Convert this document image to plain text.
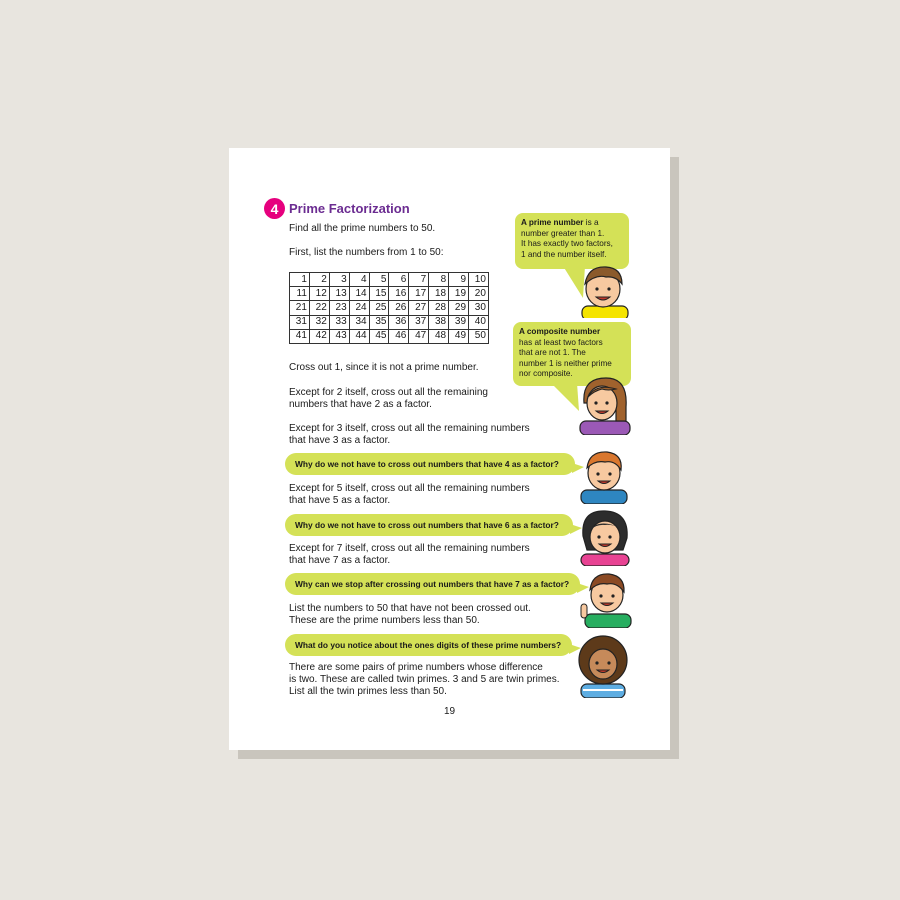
4 Prime Factorization
Find all the prime numbers to 50.
First, list the numbers from 1 to 50:
1	2	3	4	5	6	7	8	9	10
11	12	13	14	15	16	17	18	19	20
21	22	23	24	25	26	27	28	29	30
31	32	33	34	35	36	37	38	39	40
41	42	43	44	45	46	47	48	49	50
Cross out 1, since it is not a prime number.
Except for 2 itself, cross out all the remaining
numbers that have 2 as a factor.
Except for 3 itself, cross out all the remaining numbers
that have 3 as a factor.
Why do we not have to cross out numbers that have 4 as a factor?
Except for 5 itself, cross out all the remaining numbers
that have 5 as a factor.
Why do we not have to cross out numbers that have 6 as a factor?
Except for 7 itself, cross out all the remaining numbers
that have 7 as a factor.
Why can we stop after crossing out numbers that have 7 as a factor?
List the numbers to 50 that have not been crossed out.
These are the prime numbers less than 50.
What do you notice about the ones digits of these prime numbers?
There are some pairs of prime numbers whose difference
is two. These are called twin primes. 3 and 5 are twin primes.
List all the twin primes less than 50.
A prime number is a
number greater than 1.
It has exactly two factors,
1 and the number itself.
A composite number
has at least two factors
that are not 1. The
number 1 is neither prime
nor composite.
19
